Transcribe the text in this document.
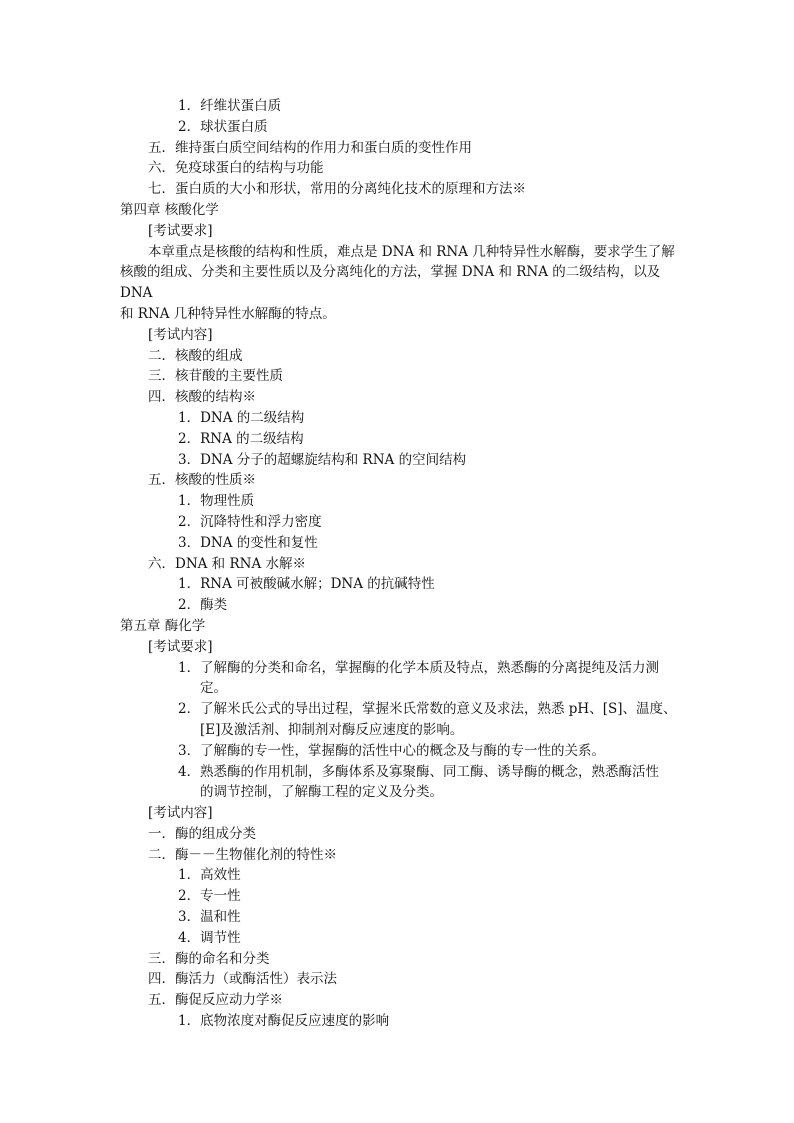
1．纤维状蛋白质
2．球状蛋白质
五．维持蛋白质空间结构的作用力和蛋白质的变性作用
六．免疫球蛋白的结构与功能
七．蛋白质的大小和形状，常用的分离纯化技术的原理和方法※
第四章 核酸化学
[考试要求]
本章重点是核酸的结构和性质，难点是 DNA 和 RNA 几种特异性水解酶，要求学生了解
核酸的组成、分类和主要性质以及分离纯化的方法，掌握 DNA 和 RNA 的二级结构，以及 DNA
和 RNA 几种特异性水解酶的特点。
[考试内容]
二．核酸的组成
三．核苷酸的主要性质
四．核酸的结构※
1．DNA 的二级结构
2．RNA 的二级结构
3．DNA 分子的超螺旋结构和 RNA 的空间结构
五．核酸的性质※
1．物理性质
2．沉降特性和浮力密度
3．DNA 的变性和复性
六．DNA 和 RNA 水解※
1．RNA 可被酸碱水解；DNA 的抗碱特性
2．酶类
第五章 酶化学
[考试要求]
1． 了解酶的分类和命名，掌握酶的化学本质及特点，熟悉酶的分离提纯及活力测
定。
2． 了解米氏公式的导出过程，掌握米氏常数的意义及求法，熟悉 pH、[S]、温度、
[E]及激活剂、抑制剂对酶反应速度的影响。
3． 了解酶的专一性，掌握酶的活性中心的概念及与酶的专一性的关系。
4． 熟悉酶的作用机制，多酶体系及寡聚酶、同工酶、诱导酶的概念，熟悉酶活性
的调节控制，了解酶工程的定义及分类。
[考试内容]
一．酶的组成分类
二．酶－－生物催化剂的特性※
1．高效性
2．专一性
3．温和性
4．调节性
三．酶的命名和分类
四．酶活力（或酶活性）表示法
五．酶促反应动力学※
1．底物浓度对酶促反应速度的影响
